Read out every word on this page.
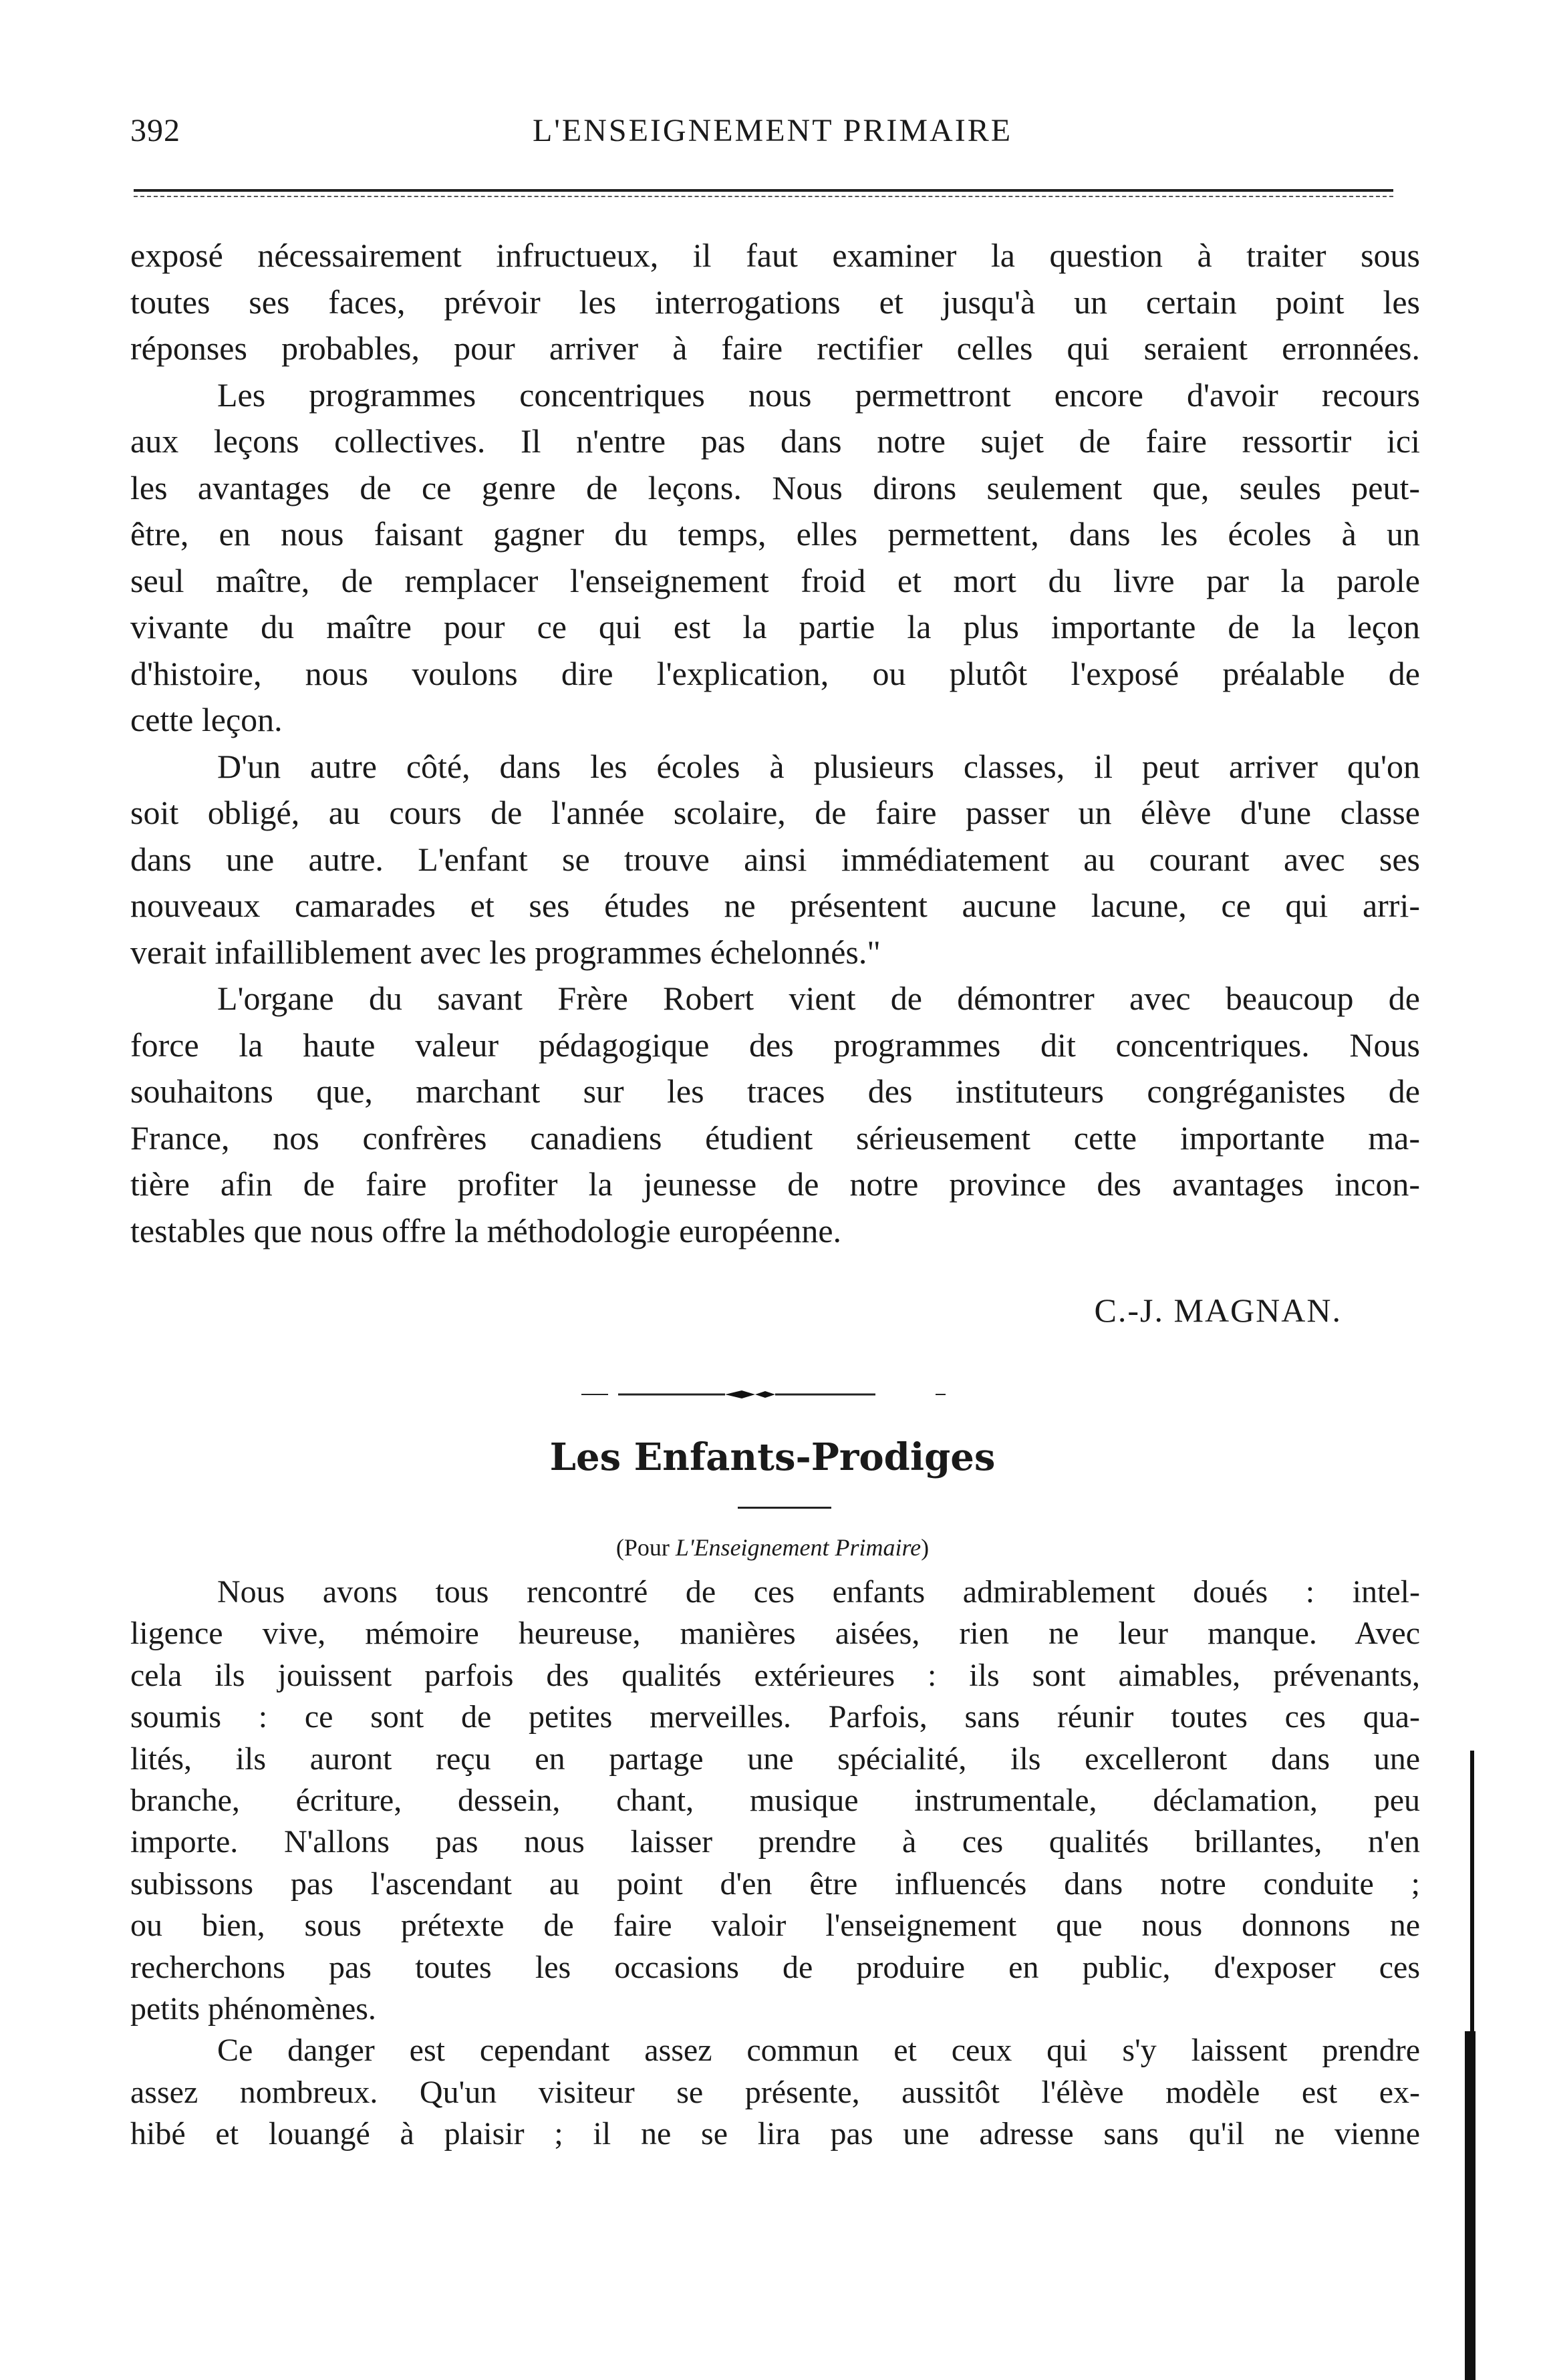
392	L'ENSEIGNEMENT PRIMAIRE
exposé nécessairement infructueux, il faut examiner la question à traiter sous
toutes ses faces, prévoir les interrogations et jusqu'à un certain point les
réponses probables, pour arriver à faire rectifier celles qui seraient erronnées.
Les programmes concentriques nous permettront encore d'avoir recours
aux leçons collectives. Il n'entre pas dans notre sujet de faire ressortir ici
les avantages de ce genre de leçons. Nous dirons seulement que, seules peut-
être, en nous faisant gagner du temps, elles permettent, dans les écoles à un
seul maître, de remplacer l'enseignement froid et mort du livre par la parole
vivante du maître pour ce qui est la partie la plus importante de la leçon
d'histoire, nous voulons dire l'explication, ou plutôt l'exposé préalable de
cette leçon.
D'un autre côté, dans les écoles à plusieurs classes, il peut arriver qu'on
soit obligé, au cours de l'année scolaire, de faire passer un élève d'une classe
dans une autre. L'enfant se trouve ainsi immédiatement au courant avec ses
nouveaux camarades et ses études ne présentent aucune lacune, ce qui arri-
verait infailliblement avec les programmes échelonnés."
L'organe du savant Frère Robert vient de démontrer avec beaucoup de
force la haute valeur pédagogique des programmes dit concentriques. Nous
souhaitons que, marchant sur les traces des instituteurs congréganistes de
France, nos confrères canadiens étudient sérieusement cette importante ma-
tière afin de faire profiter la jeunesse de notre province des avantages incon-
testables que nous offre la méthodologie européenne.
C.-J. MAGNAN.
Les Enfants-Prodiges
(Pour L'Enseignement Primaire)
Nous avons tous rencontré de ces enfants admirablement doués : intel-
ligence vive, mémoire heureuse, manières aisées, rien ne leur manque. Avec
cela ils jouissent parfois des qualités extérieures : ils sont aimables, prévenants,
soumis : ce sont de petites merveilles. Parfois, sans réunir toutes ces qua-
lités, ils auront reçu en partage une spécialité, ils excelleront dans une
branche, écriture, dessein, chant, musique instrumentale, déclamation, peu
importe. N'allons pas nous laisser prendre à ces qualités brillantes, n'en
subissons pas l'ascendant au point d'en être influencés dans notre conduite ;
ou bien, sous prétexte de faire valoir l'enseignement que nous donnons ne
recherchons pas toutes les occasions de produire en public, d'exposer ces
petits phénomènes.
Ce danger est cependant assez commun et ceux qui s'y laissent prendre
assez nombreux. Qu'un visiteur se présente, aussitôt l'élève modèle est ex-
hibé et louangé à plaisir ; il ne se lira pas une adresse sans qu'il ne vienne
